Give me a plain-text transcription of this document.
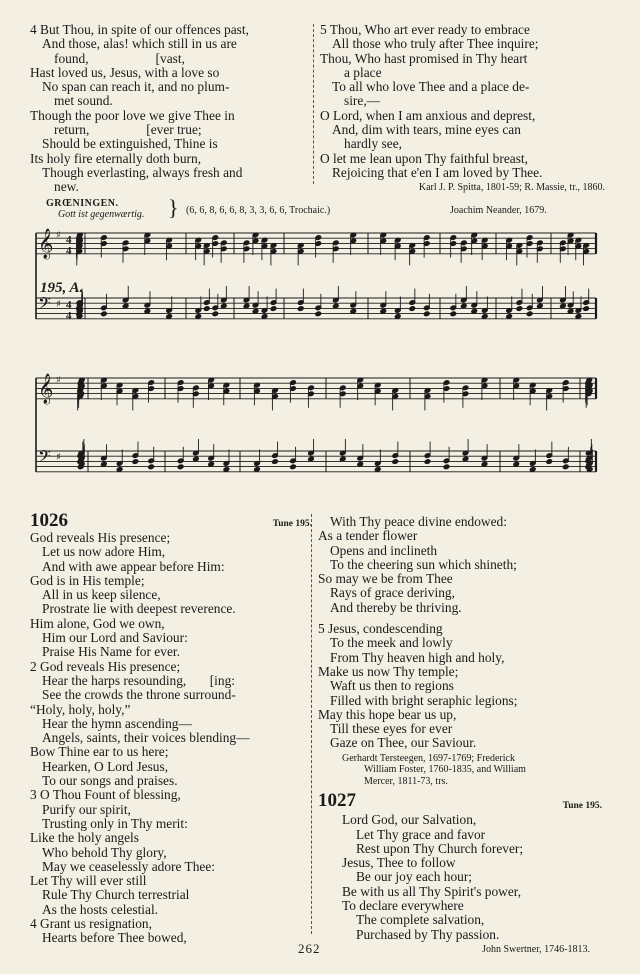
4 But Thou, in spite of our offences past,
And those, alas! which still in us are
found,                    [vast,
Hast loved us, Jesus, with a love so
No span can reach it, and no plum-
met sound.
Though the poor love we give Thee in
return,                 [ever true;
Should be extinguished, Thine is
Its holy fire eternally doth burn,
Though everlasting, always fresh and
new.
5 Thou, Who art ever ready to embrace
All those who truly after Thee inquire;
Thou, Who hast promised in Thy heart
a place
To all who love Thee and a place de-
sire,—
O Lord, when I am anxious and deprest,
And, dim with tears, mine eyes can
hardly see,
O let me lean upon Thy faithful breast,
Rejoicing that e'en I am loved by Thee.
Karl J. P. Spitta, 1801-59; R. Massie, tr., 1860.
GRŒNINGEN.
Gott ist gegenwærtig. } (6, 6, 8, 6, 6, 8, 3, 3, 6, 6, Trochaic.)	Joachim Neander, 1679.
𝄞 ♯ 4
4
𝄢 ♯ 4
4
𝄞 ♯
𝄢 ♯
195, A.
1026	Tune 195.
God reveals His presence;
Let us now adore Him,
And with awe appear before Him:
God is in His temple;
All in us keep silence,
Prostrate lie with deepest reverence.
Him alone, God we own,
Him our Lord and Saviour:
Praise His Name for ever.
2 God reveals His presence;
Hear the harps resounding,       [ing:
See the crowds the throne surround-
“Holy, holy, holy,”
Hear the hymn ascending—
Angels, saints, their voices blending—
Bow Thine ear to us here;
Hearken, O Lord Jesus,
To our songs and praises.
3 O Thou Fount of blessing,
Purify our spirit,
Trusting only in Thy merit:
Like the holy angels
Who behold Thy glory,
May we ceaselessly adore Thee:
Let Thy will ever still
Rule Thy Church terrestrial
As the hosts celestial.
4 Grant us resignation,
Hearts before Thee bowed,
With Thy peace divine endowed:
As a tender flower
Opens and inclineth
To the cheering sun which shineth;
So may we be from Thee
Rays of grace deriving,
And thereby be thriving.
5 Jesus, condescending
To the meek and lowly
From Thy heaven high and holy,
Make us now Thy temple;
Waft us then to regions
Filled with bright seraphic legions;
May this hope bear us up,
Till these eyes for ever
Gaze on Thee, our Saviour.
Gerhardt Tersteegen, 1697-1769; Frederick
William Foster, 1760-1835, and William
Mercer, 1811-73, trs.
1027	Tune 195.
Lord God, our Salvation,
Let Thy grace and favor
Rest upon Thy Church forever;
Jesus, Thee to follow
Be our joy each hour;
Be with us all Thy Spirit's power,
To declare everywhere
The complete salvation,
Purchased by Thy passion.
John Swertner, 1746-1813.
262
